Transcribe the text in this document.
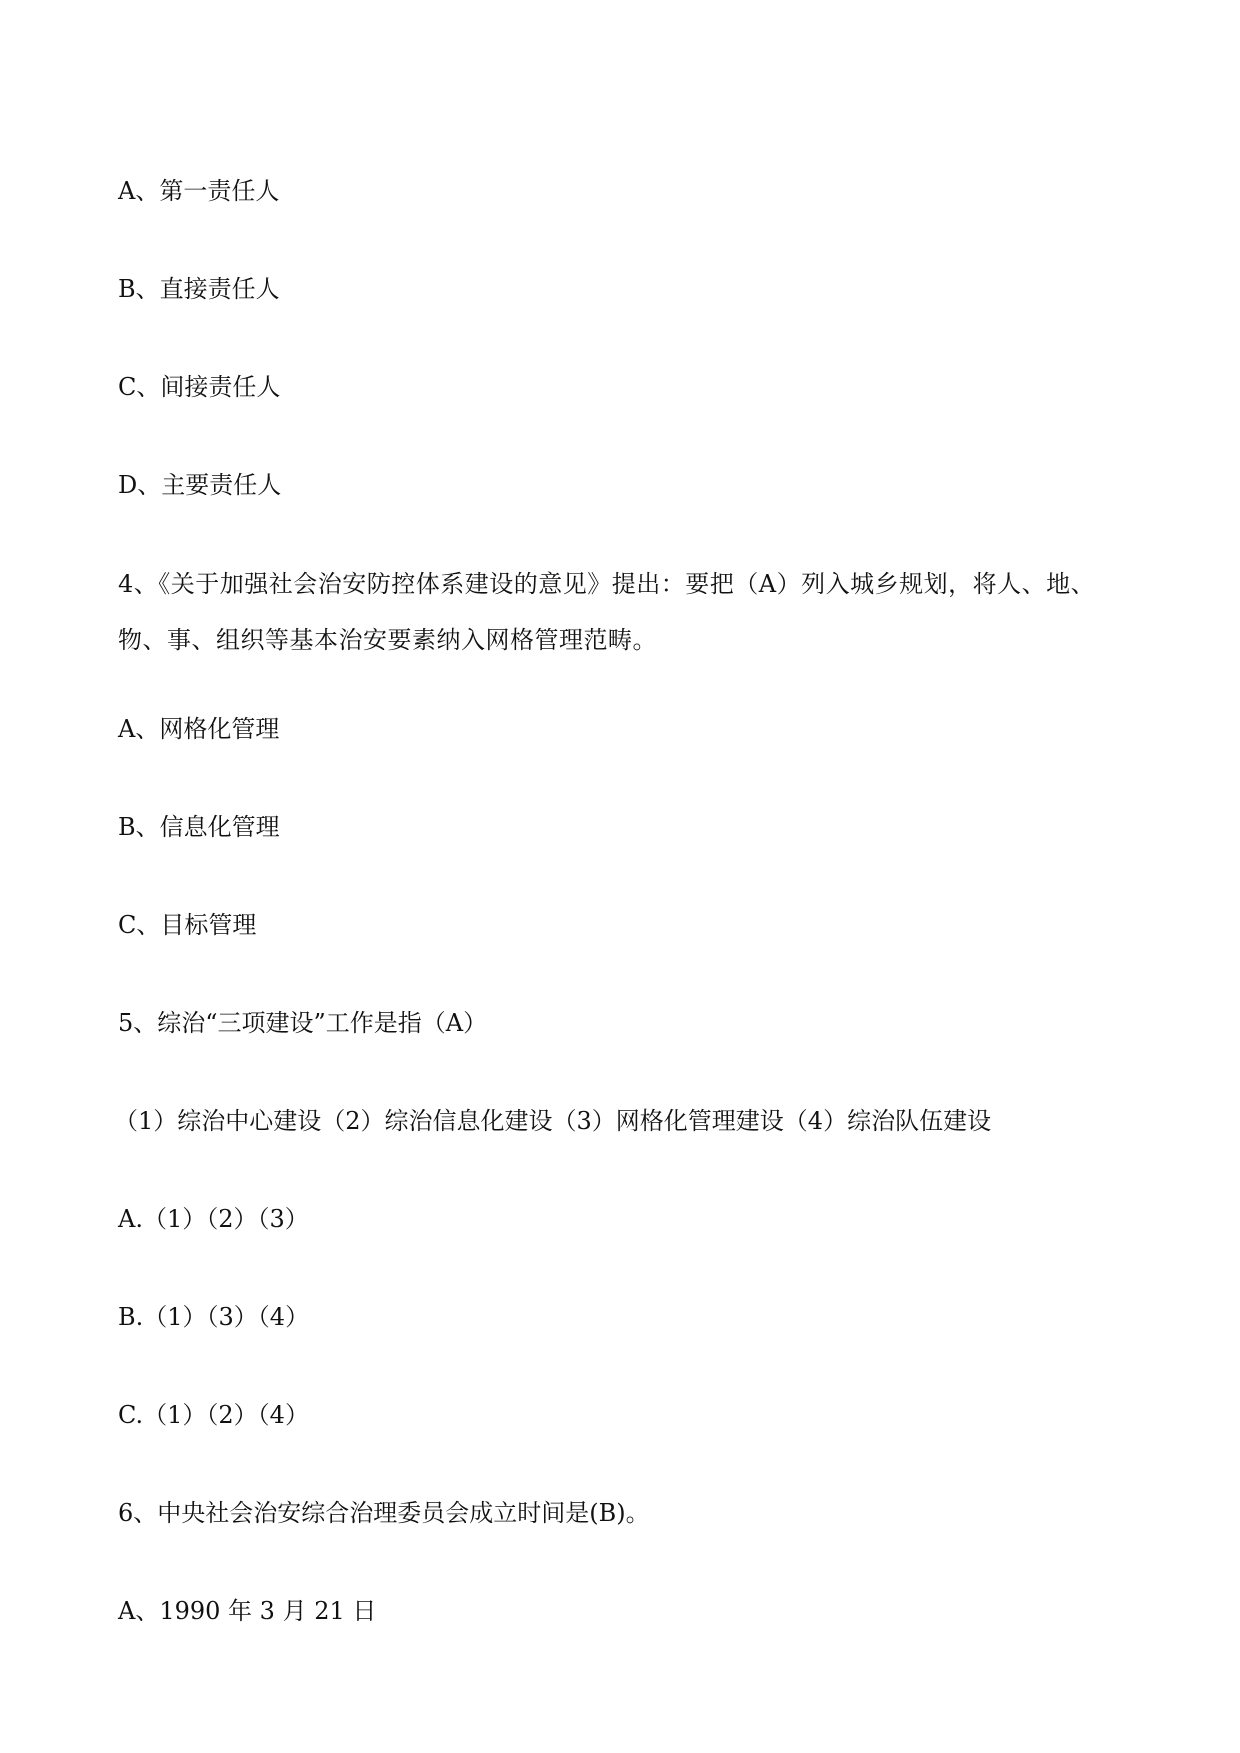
A、第一责任人
B、直接责任人
C、间接责任人
D、主要责任人
4、《关于加强社会治安防控体系建设的意见》提出：要把（A）列入城乡规划，将人、地、物、事、组织等基本治安要素纳入网格管理范畴。
A、网格化管理
B、信息化管理
C、目标管理
5、综治“三项建设”工作是指（A）
（1）综治中心建设（2）综治信息化建设（3）网格化管理建设（4）综治队伍建设
A.（1）（2）（3）
B.（1）（3）（4）
C.（1）（2）（4）
6、中央社会治安综合治理委员会成立时间是(B)。
A、1990 年 3 月 21 日
